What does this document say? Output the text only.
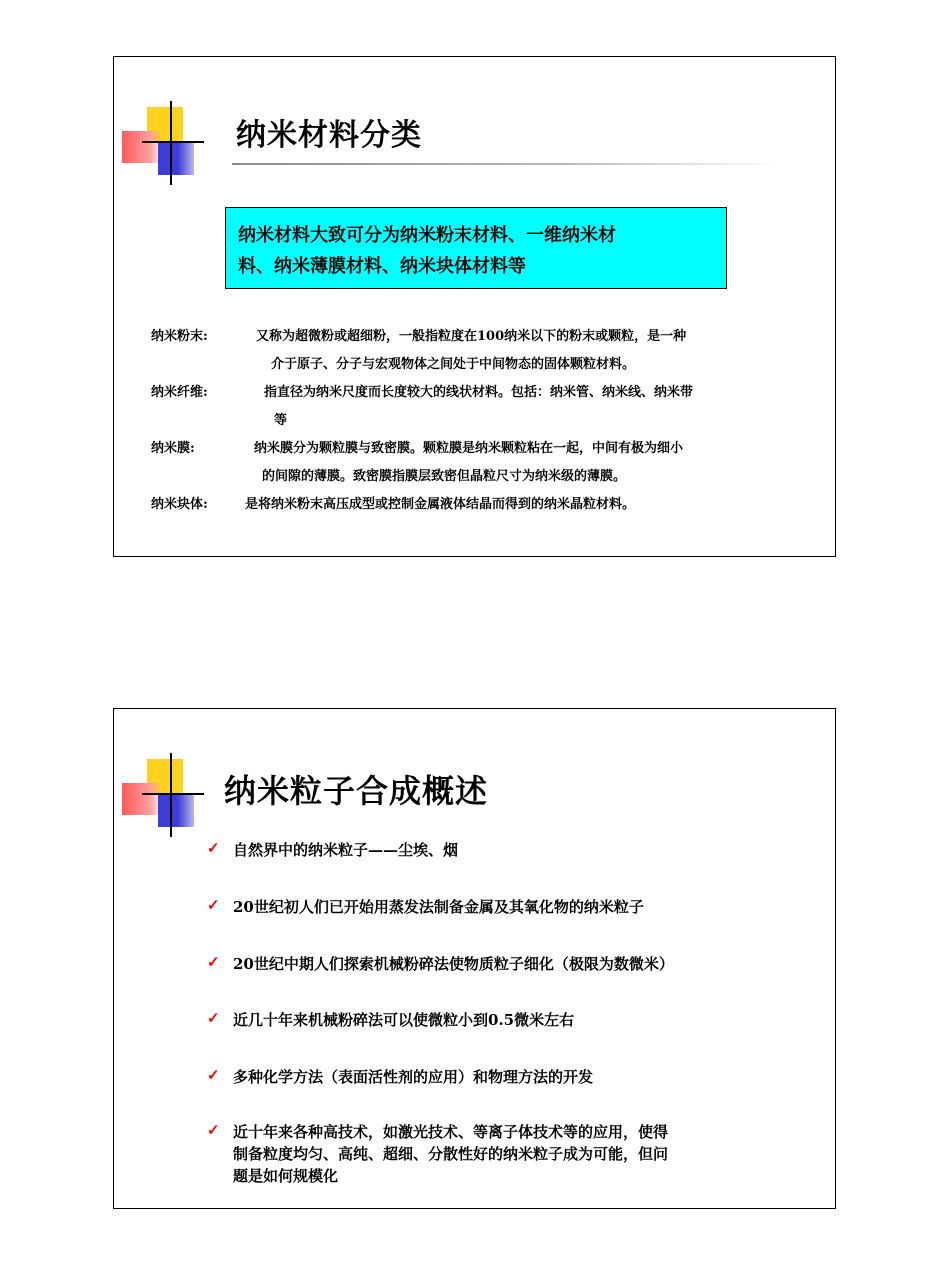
纳米材料分类
纳米材料大致可分为纳米粉末材料、一维纳米材
料、纳米薄膜材料、纳米块体材料等
纳米粉末:	又称为超微粉或超细粉，一般指粒度在100纳米以下的粉末或颗粒，是一种
介于原子、分子与宏观物体之间处于中间物态的固体颗粒材料。
纳米纤维:	指直径为纳米尺度而长度较大的线状材料。包括：纳米管、纳米线、纳米带
等
纳米膜:	纳米膜分为颗粒膜与致密膜。颗粒膜是纳米颗粒粘在一起，中间有极为细小
的间隙的薄膜。致密膜指膜层致密但晶粒尺寸为纳米级的薄膜。
纳米块体:	是将纳米粉末高压成型或控制金属液体结晶而得到的纳米晶粒材料。
纳米粒子合成概述
✓ 自然界中的纳米粒子——尘埃、烟
✓ 20世纪初人们已开始用蒸发法制备金属及其氧化物的纳米粒子
✓ 20世纪中期人们探索机械粉碎法使物质粒子细化（极限为数微米）
✓ 近几十年来机械粉碎法可以使微粒小到0.5微米左右
✓ 多种化学方法（表面活性剂的应用）和物理方法的开发
✓ 近十年来各种高技术，如激光技术、等离子体技术等的应用，使得
制备粒度均匀、高纯、超细、分散性好的纳米粒子成为可能，但问
题是如何规模化
